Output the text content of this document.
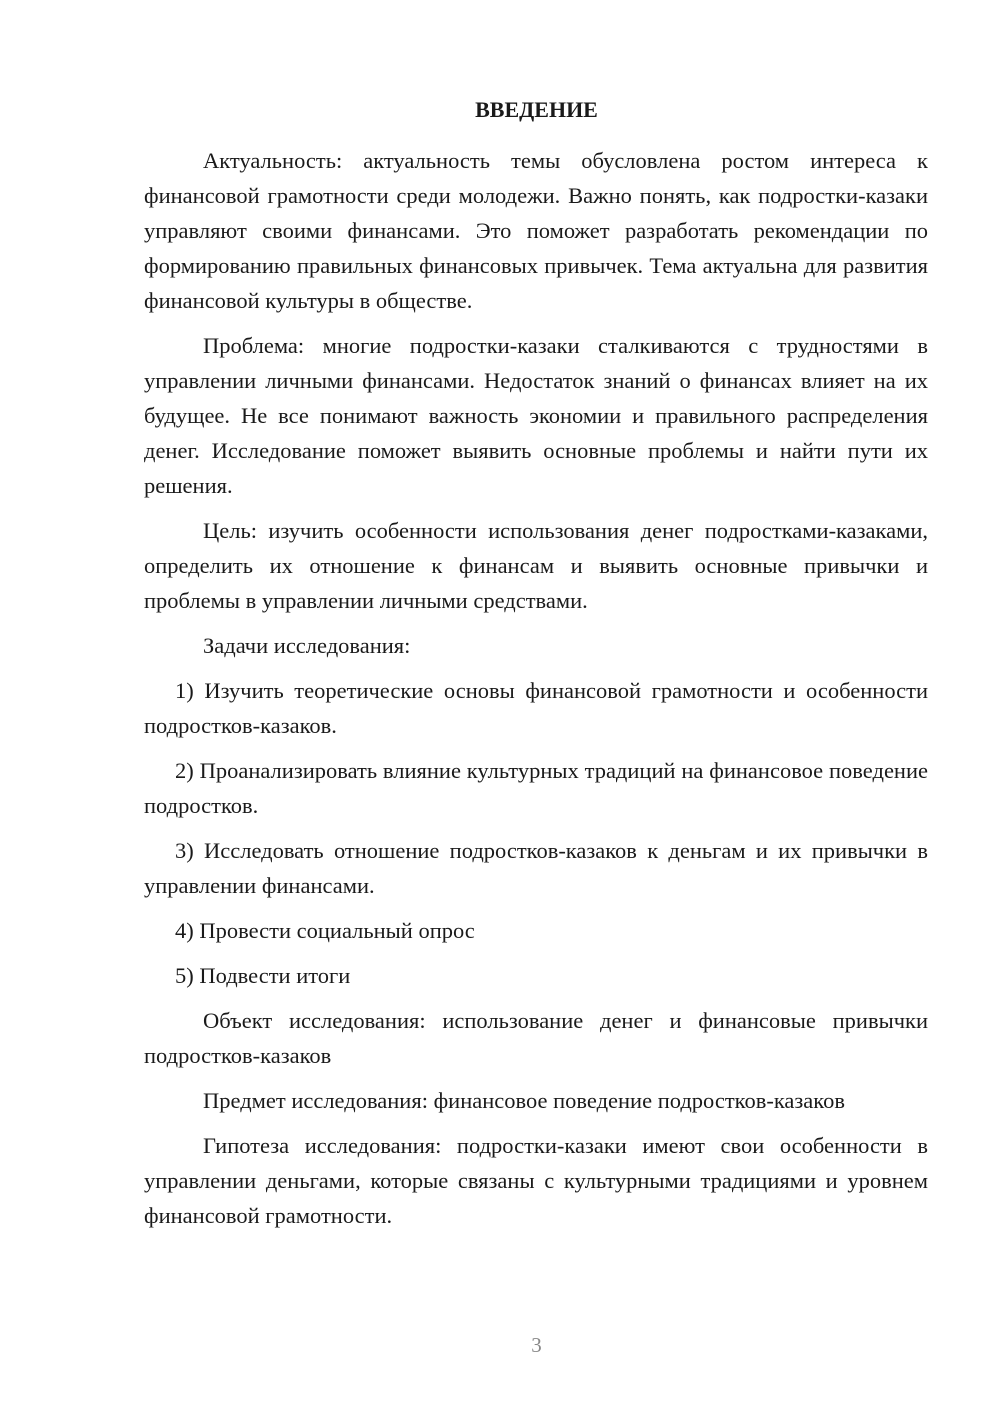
ВВЕДЕНИЕ

Актуальность: актуальность темы обусловлена ростом интереса к финансовой грамотности среди молодежи. Важно понять, как подростки-казаки управляют своими финансами. Это поможет разработать рекомендации по формированию правильных финансовых привычек. Тема актуальна для развития финансовой культуры в обществе.

Проблема: многие подростки-казаки сталкиваются с трудностями в управлении личными финансами. Недостаток знаний о финансах влияет на их будущее. Не все понимают важность экономии и правильного распределения денег. Исследование поможет выявить основные проблемы и найти пути их решения.

Цель: изучить особенности использования денег подростками-казаками, определить их отношение к финансам и выявить основные привычки и проблемы в управлении личными средствами.

Задачи исследования:

1) Изучить теоретические основы финансовой грамотности и особенности подростков-казаков.

2) Проанализировать влияние культурных традиций на финансовое поведение подростков.

3) Исследовать отношение подростков-казаков к деньгам и их привычки в управлении финансами.

4) Провести социальный опрос

5) Подвести итоги

Объект исследования: использование денег и финансовые привычки подростков-казаков

Предмет исследования: финансовое поведение подростков-казаков

Гипотеза исследования: подростки-казаки имеют свои особенности в управлении деньгами, которые связаны с культурными традициями и уровнем финансовой грамотности.

3
